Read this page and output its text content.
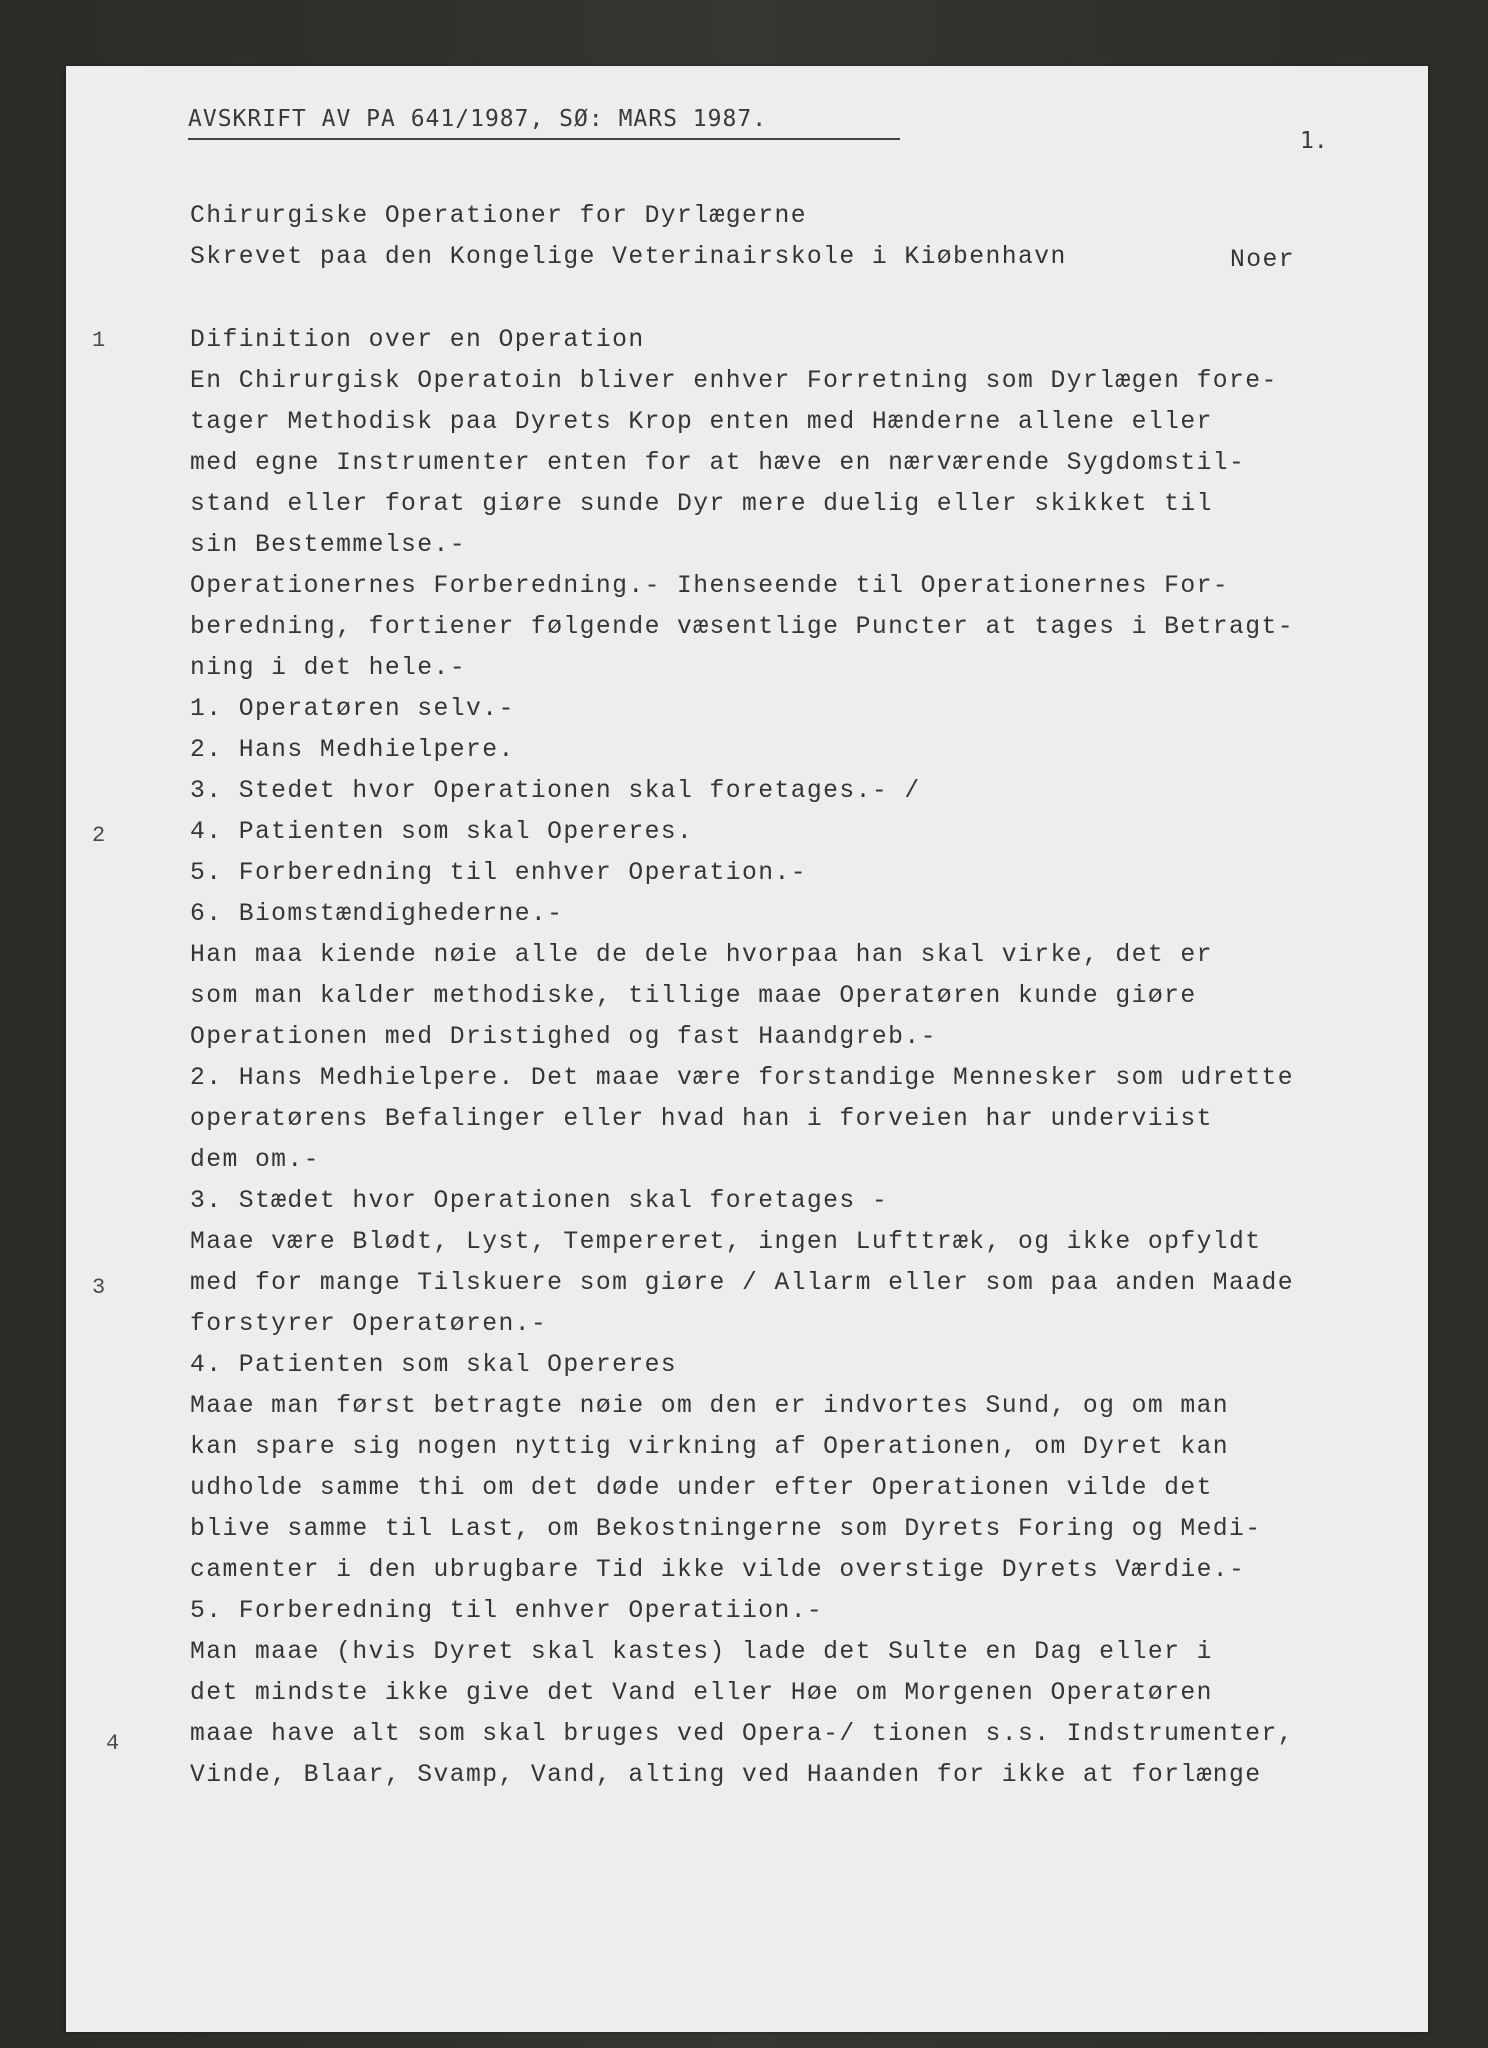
AVSKRIFT AV PA 641/1987, SØ: MARS 1987.
1.
Chirurgiske Operationer for Dyrlægerne
Skrevet paa den Kongelige Veterinairskole i Kiøbenhavn	Noer
1
2
3
4
Difinition over en Operation
En Chirurgisk Operatoin bliver enhver Forretning som Dyrlægen fore-
tager Methodisk paa Dyrets Krop enten med Hænderne allene eller
med egne Instrumenter enten for at hæve en nærværende Sygdomstil-
stand eller forat giøre sunde Dyr mere duelig eller skikket til
sin Bestemmelse.-
Operationernes Forberedning.- Ihenseende til Operationernes For-
beredning, fortiener følgende væsentlige Puncter at tages i Betragt-
ning i det hele.-
1. Operatøren selv.-
2. Hans Medhielpere.
3. Stedet hvor Operationen skal foretages.- /
4. Patienten som skal Opereres.
5. Forberedning til enhver Operation.-
6. Biomstændighederne.-
Han maa kiende nøie alle de dele hvorpaa han skal virke, det er
som man kalder methodiske, tillige maae Operatøren kunde giøre
Operationen med Dristighed og fast Haandgreb.-
2. Hans Medhielpere. Det maae være forstandige Mennesker som udrette
operatørens Befalinger eller hvad han i forveien har underviist
dem om.-
3. Stædet hvor Operationen skal foretages -
Maae være Blødt, Lyst, Tempereret, ingen Lufttræk, og ikke opfyldt
med for mange Tilskuere som giøre / Allarm eller som paa anden Maade
forstyrer Operatøren.-
4. Patienten som skal Opereres
Maae man først betragte nøie om den er indvortes Sund, og om man
kan spare sig nogen nyttig virkning af Operationen, om Dyret kan
udholde samme thi om det døde under efter Operationen vilde det
blive samme til Last, om Bekostningerne som Dyrets Foring og Medi-
camenter i den ubrugbare Tid ikke vilde overstige Dyrets Værdie.-
5. Forberedning til enhver Operatiion.-
Man maae (hvis Dyret skal kastes) lade det Sulte en Dag eller i
det mindste ikke give det Vand eller Høe om Morgenen Operatøren
maae have alt som skal bruges ved Opera-/ tionen s.s. Indstrumenter,
Vinde, Blaar, Svamp, Vand, alting ved Haanden for ikke at forlænge
